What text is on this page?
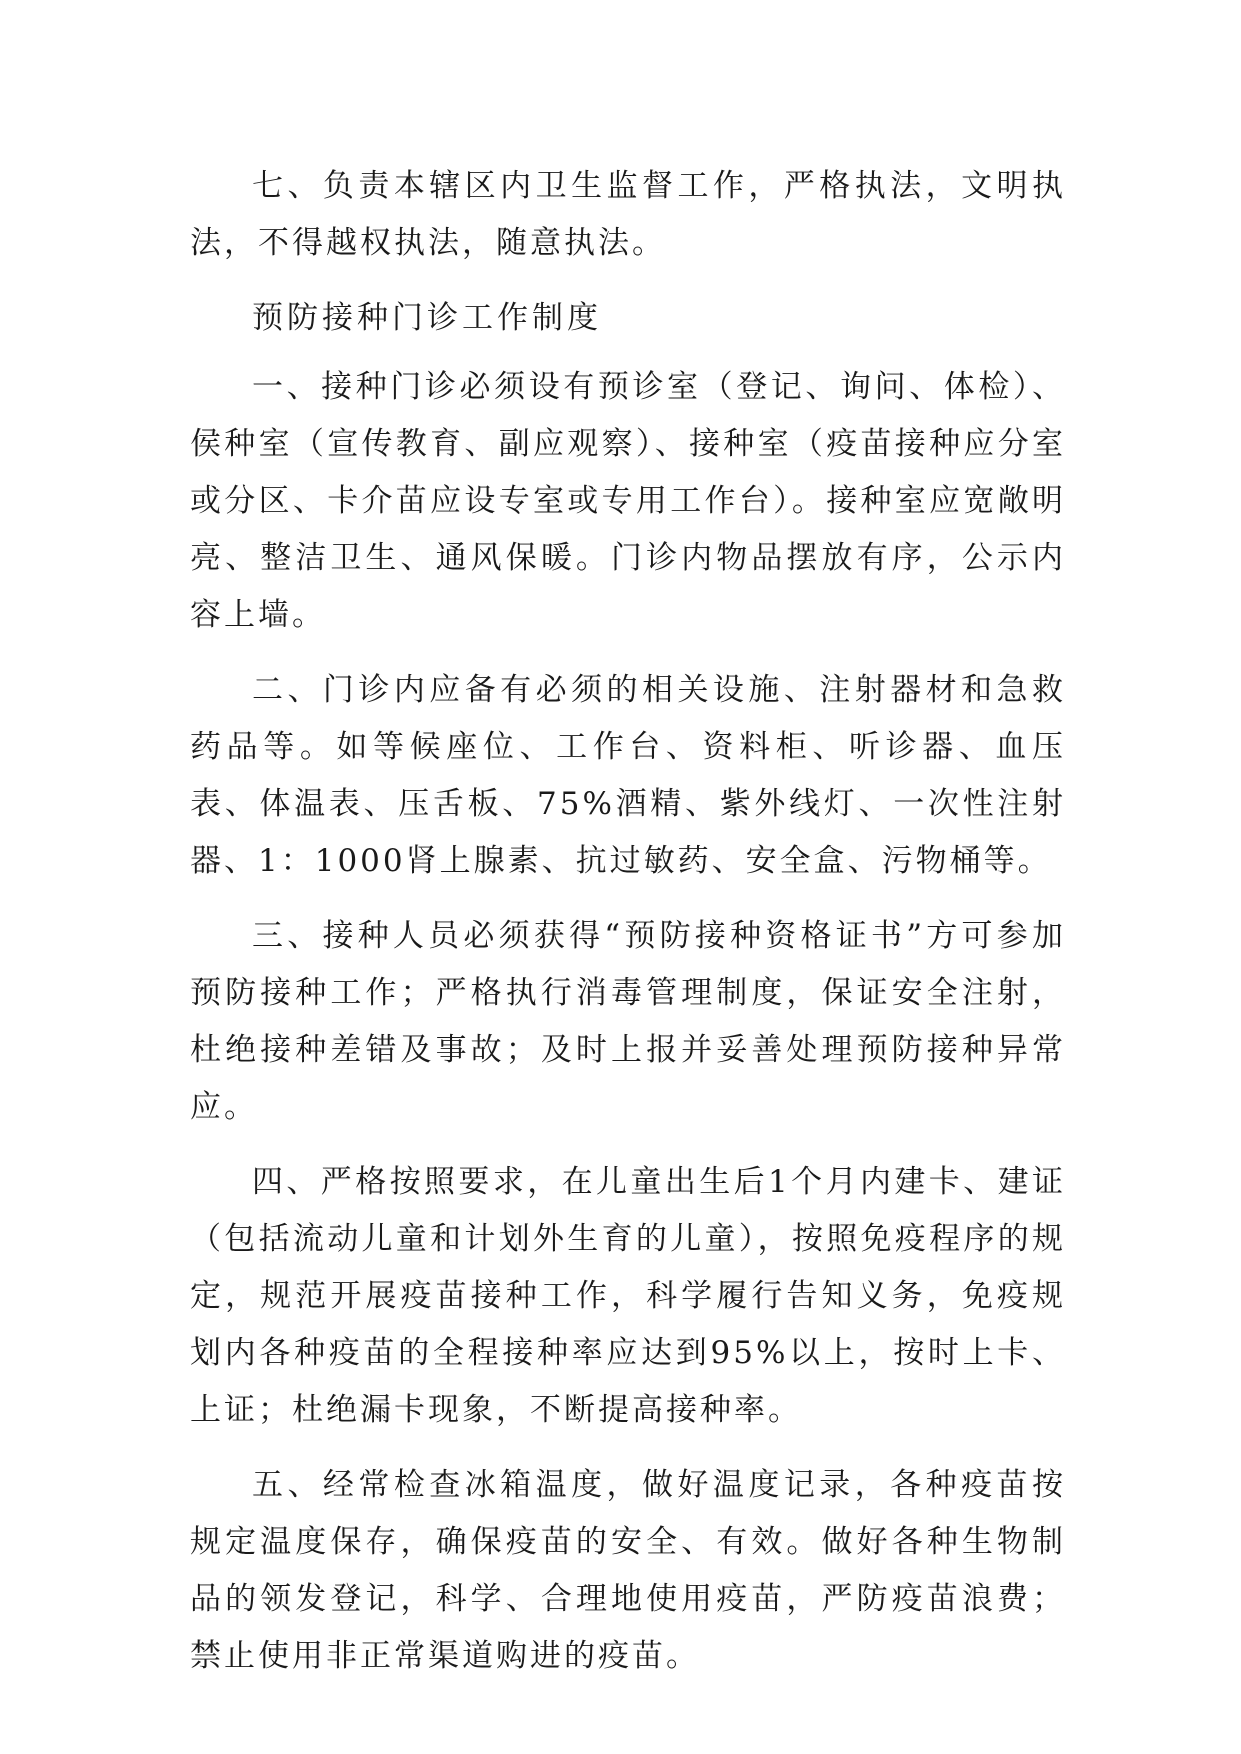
七、负责本辖区内卫生监督工作，严格执法，文明执法，不得越权执法，随意执法。

预防接种门诊工作制度

一、接种门诊必须设有预诊室（登记、询问、体检）、侯种室（宣传教育、副应观察）、接种室（疫苗接种应分室或分区、卡介苗应设专室或专用工作台）。接种室应宽敞明亮、整洁卫生、通风保暖。门诊内物品摆放有序，公示内容上墙。

二、门诊内应备有必须的相关设施、注射器材和急救药品等。如等候座位、工作台、资料柜、听诊器、血压表、体温表、压舌板、75%酒精、紫外线灯、一次性注射器、1：1000肾上腺素、抗过敏药、安全盒、污物桶等。

三、接种人员必须获得“预防接种资格证书”方可参加预防接种工作；严格执行消毒管理制度，保证安全注射，杜绝接种差错及事故；及时上报并妥善处理预防接种异常应。

四、严格按照要求，在儿童出生后1个月内建卡、建证（包括流动儿童和计划外生育的儿童），按照免疫程序的规定，规范开展疫苗接种工作，科学履行告知义务，免疫规划内各种疫苗的全程接种率应达到95%以上，按时上卡、上证；杜绝漏卡现象，不断提高接种率。

五、经常检查冰箱温度，做好温度记录，各种疫苗按规定温度保存，确保疫苗的安全、有效。做好各种生物制品的领发登记，科学、合理地使用疫苗，严防疫苗浪费；禁止使用非正常渠道购进的疫苗。
